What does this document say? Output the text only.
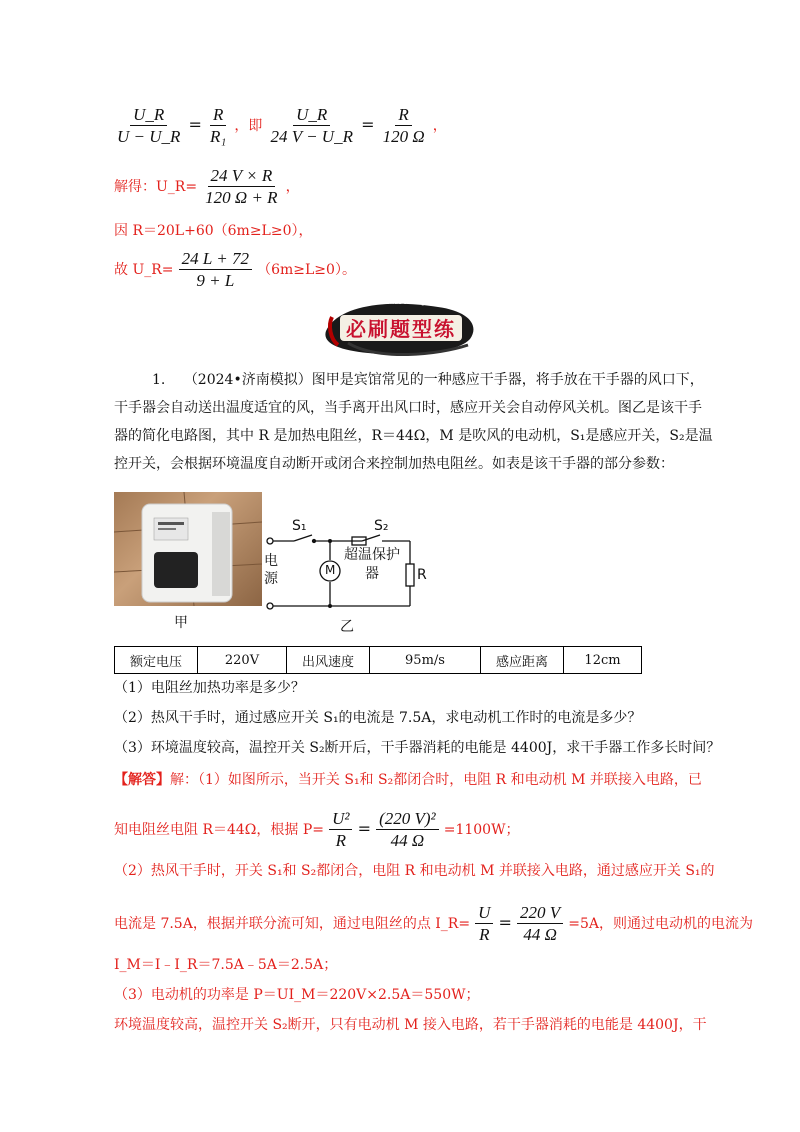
$\frac{U\_R}{U - U\_R} = \frac{R}{\text{R₁}}$ ，即 $\frac{U\_R}{24 V - U\_R} = \frac{R}{120 \Omega}$ ，
解得：U_R= $\frac{24 V \times R}{120 \Omega + R}$ ，
因 R＝20L+60（6m≥L≥0），
故 U_R= $\frac{24 L + 72}{9 + L} (6m\ge L\ge 0)$。
必刷题型练
Bi Shua Ti Xing Lian
1. （2024•济南模拟）图甲是宾馆常见的一种感应干手器，将手放在干手器的风口下，干手器会自动送出温度适宜的风，当手离开出风口时，感应开关会自动停风关机。图乙是该干手器的简化电路图，其中 R 是加热电阻丝，R＝44Ω，M 是吹风的电动机，S₁是感应开关，S₂是温控开关，会根据环境温度自动断开或闭合来控制加热电阻丝。如表是该干手器的部分参数：
甲
S₁	S₂
电源
M
超温保护器	R
乙
额定电压	220V	出风速度	95m/s	感应距离	12cm
（1）电阻丝加热功率是多少？
（2）热风干手时，通过感应开关 S₁的电流是 7.5A，求电动机工作时的电流是多少？
（3）环境温度较高，温控开关 S₂断开后，干手器消耗的电能是 4400J，求干手器工作多长时间？
【解答】解：（1）如图所示，当开关 S₁和 S₂都闭合时，电阻 R 和电动机 M 并联接入电路，已
知电阻丝电阻 R＝44Ω，根据 $P= \frac{\text{U²}}{R} = \frac{\text{(220 V)²}}{44 \Omega} =1100W$；
（2）热风干手时，开关 S₁和 S₂都闭合，电阻 R 和电动机 M 并联接入电路，通过感应开关 S₁的
电流是 7.5A，根据并联分流可知，通过电阻丝的点 I_R= $\frac{U}{R} = \frac{220 V}{44 \Omega} =5A$，则通过电动机的电流为
I_M＝I﹣I_R＝7.5A﹣5A＝2.5A；
（3）电动机的功率是 P＝UI_M＝220V×2.5A＝550W；
环境温度较高，温控开关 S₂断开，只有电动机 M 接入电路，若干手器消耗的电能是 4400J，干
